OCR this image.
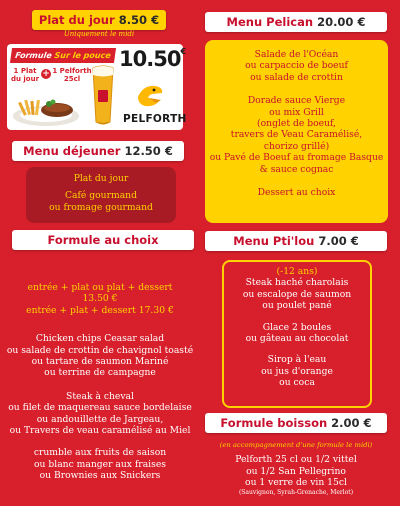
Plat du jour 8.50 €
Uniquement le midi
Formule Sur le pouce
1 Plat
du jour + 1 Pelforth
25cl
10.50€
PELFORTH
Menu déjeuner 12.50 €

Plat du jour

Café gourmand

ou fromage gourmand

Formule au choix

entrée + plat ou plat + dessert

13.50 €

entrée + plat + dessert 17.30 €

Chicken chips Ceasar salad

ou salade de crottin de chavignol toasté

ou tartare de saumon Mariné

ou terrine de campagne

Steak à cheval

ou filet de maquereau sauce bordelaise

ou andouillette de Jargeau,

ou Travers de veau caramélisé au Miel

crumble aux fruits de saison

ou blanc manger aux fraises

ou Brownies aux Snickers

Menu Pelican 20.00 €

Salade de l'Océan

ou carpaccio de boeuf

ou salade de crottin

Dorade sauce Vierge

ou mix Grill

(onglet de boeuf,

travers de Veau Caramélisé,

chorizo grillé)

ou Pavé de Boeuf au fromage Basque

& sauce cognac

Dessert au choix

Menu Pti'lou 7.00 €

(-12 ans)

Steak haché charolais

ou escalope de saumon

ou poulet pané

Glace 2 boules

ou gâteau au chocolat

Sirop à l'eau

ou jus d'orange

ou coca

Formule boisson 2.00 €

(en accompagnement d'une formule le midi)

Pelforth 25 cl ou 1/2 vittel

ou 1/2 San Pellegrino

ou 1 verre de vin 15cl

(Sauvignon, Syrah-Grenache, Merlot)
